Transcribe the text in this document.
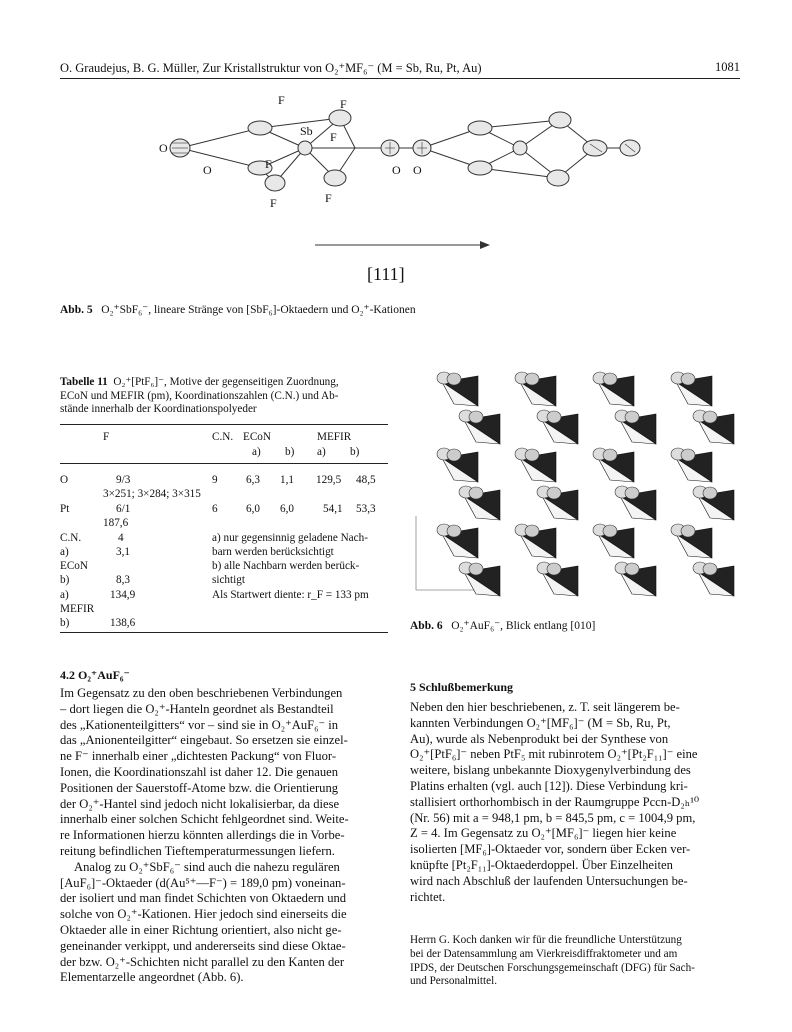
O. Graudejus, B. G. Müller, Zur Kristallstruktur von O₂⁺MF₆⁻ (M = Sb, Ru, Pt, Au)	1081
F	F
Sb F
O
O	F	O O
F	F
[111]
Abb. 5 O₂⁺SbF₆⁻, lineare Stränge von [SbF₆]-Oktaedern und O₂⁺-Kationen
Tabelle 11 O₂⁺[PtF₆]⁻, Motive der gegenseitigen Zuordnung,
ECoN und MEFIR (pm), Koordinationszahlen (C.N.) und Ab-
stände innerhalb der Koordinationspolyeder
F	C.N. ECoN	MEFIR
a) b) a) b)
O	9/3	9	6,3 1,1 129,5 48,5
3×251; 3×284; 3×315
Pt	6/1	6	6,0 6,0	54,1 53,3
187,6
C.N.	4
a)	3,1
ECoN
b)	8,3
a)	134,9
MEFIR
b)	138,6
a) nur gegensinnig geladene Nach-
barn werden berücksichtigt
b) alle Nachbarn werden berück-
sichtigt
Als Startwert diente: r_F = 133 pm
Abb. 6 O₂⁺AuF₆⁻, Blick entlang [010]
4.2 O₂⁺AuF₆⁻
Im Gegensatz zu den oben beschriebenen Verbindungen
– dort liegen die O₂⁺-Hanteln geordnet als Bestandteil
des „Kationenteilgitters“ vor – sind sie in O₂⁺AuF₆⁻ in
das „Anionenteilgitter“ eingebaut. So ersetzen sie einzel-
ne F⁻ innerhalb einer „dichtesten Packung“ von Fluor-
Ionen, die Koordinationszahl ist daher 12. Die genauen
Positionen der Sauerstoff-Atome bzw. die Orientierung
der O₂⁺-Hantel sind jedoch nicht lokalisierbar, da diese
innerhalb einer solchen Schicht fehlgeordnet sind. Weite-
re Informationen hierzu könnten allerdings die in Vorbe-
reitung befindlichen Tieftemperaturmessungen liefern.
Analog zu O₂⁺SbF₆⁻ sind auch die nahezu regulären
[AuF₆]⁻-Oktaeder (d(Au⁵⁺—F⁻) = 189,0 pm) voneinan-
der isoliert und man findet Schichten von Oktaedern und
solche von O₂⁺-Kationen. Hier jedoch sind einerseits die
Oktaeder alle in einer Richtung orientiert, also nicht ge-
geneinander verkippt, und andererseits sind diese Oktae-
der bzw. O₂⁺-Schichten nicht parallel zu den Kanten der
Elementarzelle angeordnet (Abb. 6).
5 Schlußbemerkung
Neben den hier beschriebenen, z. T. seit längerem be-
kannten Verbindungen O₂⁺[MF₆]⁻ (M = Sb, Ru, Pt,
Au), wurde als Nebenprodukt bei der Synthese von
O₂⁺[PtF₆]⁻ neben PtF₅ mit rubinrotem O₂⁺[Pt₂F₁₁]⁻ eine
weitere, bislang unbekannte Dioxygenylverbindung des
Platins erhalten (vgl. auch [12]). Diese Verbindung kri-
stallisiert orthorhombisch in der Raumgruppe Pccn-D₂ₕ¹⁰
(Nr. 56) mit a = 948,1 pm, b = 845,5 pm, c = 1004,9 pm,
Z = 4. Im Gegensatz zu O₂⁺[MF₆]⁻ liegen hier keine
isolierten [MF₆]-Oktaeder vor, sondern über Ecken ver-
knüpfte [Pt₂F₁₁]-Oktaederdoppel. Über Einzelheiten
wird nach Abschluß der laufenden Untersuchungen be-
richtet.
Herrn G. Koch danken wir für die freundliche Unterstützung
bei der Datensammlung am Vierkreisdiffraktometer und am
IPDS, der Deutschen Forschungsgemeinschaft (DFG) für Sach-
und Personalmittel.
